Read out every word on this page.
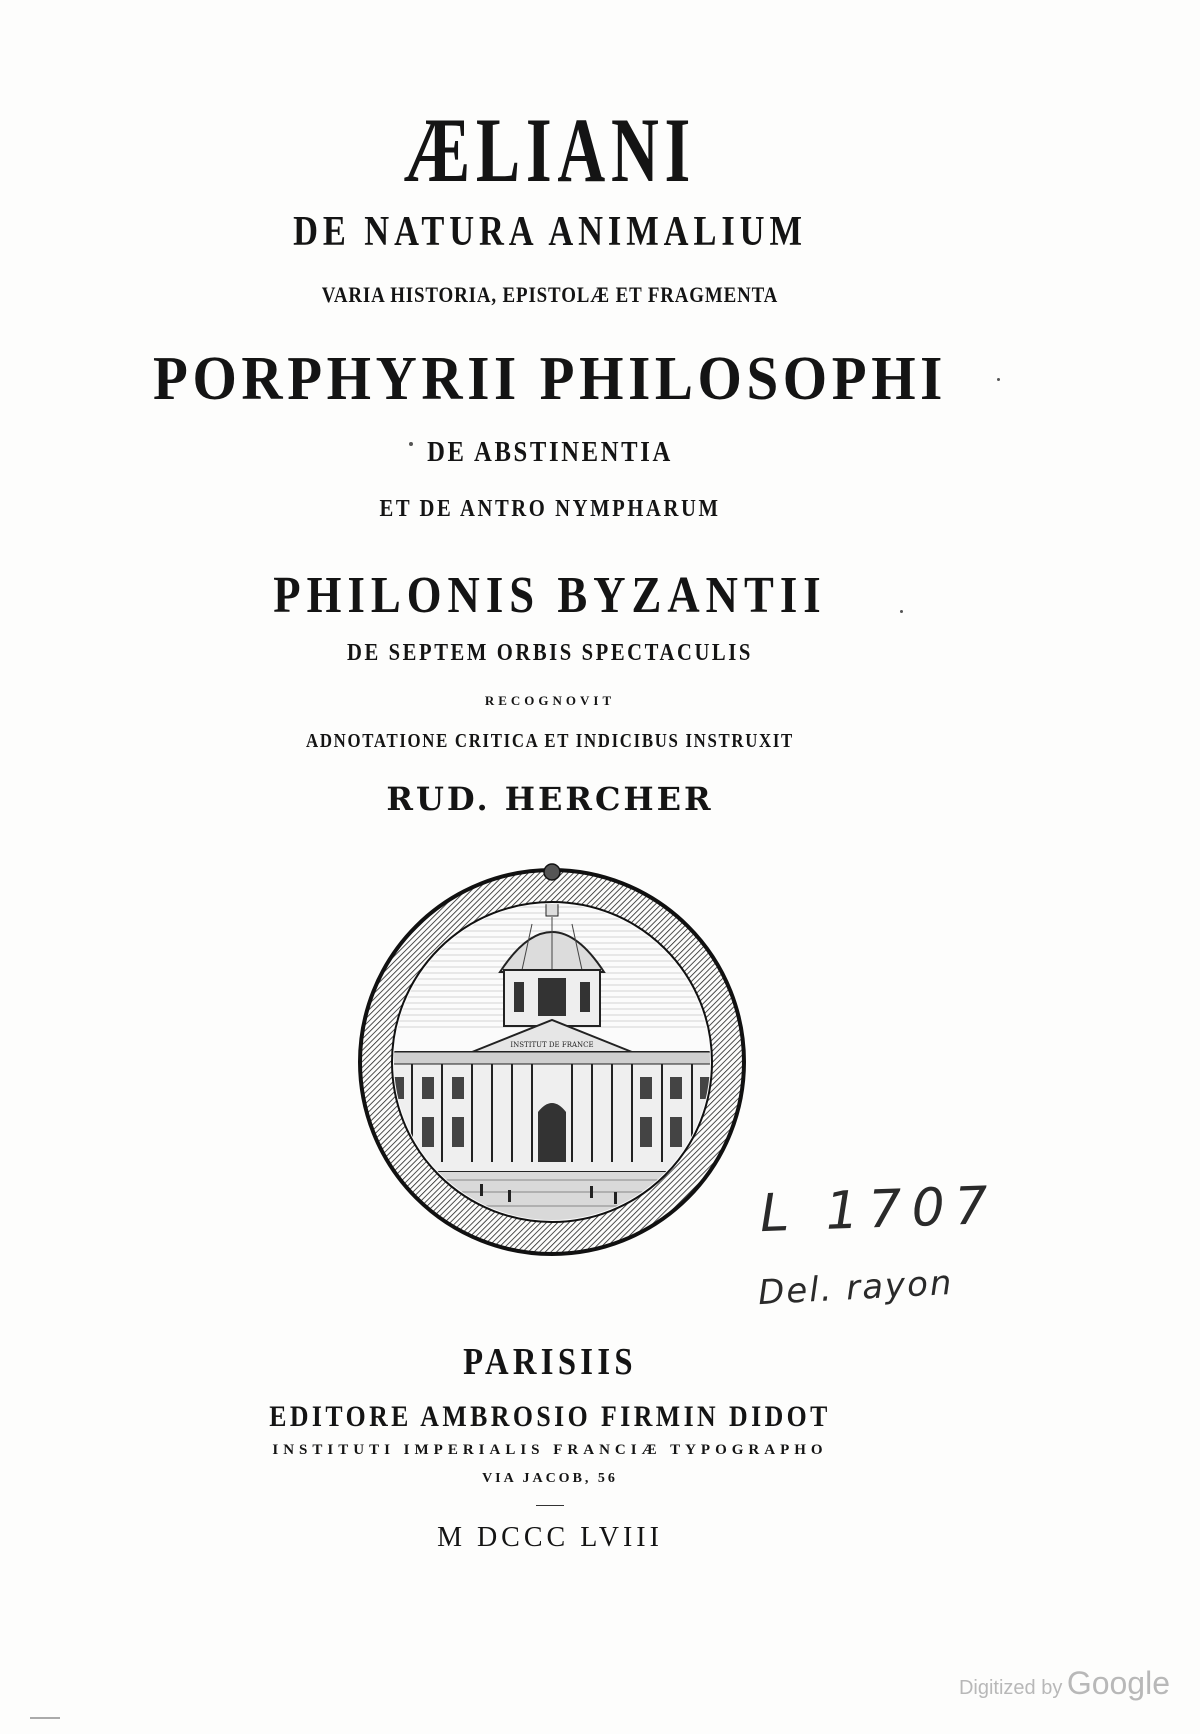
ÆLIANI
DE NATURA ANIMALIUM
VARIA HISTORIA, EPISTOLÆ ET FRAGMENTA
PORPHYRII PHILOSOPHI
DE ABSTINENTIA
ET DE ANTRO NYMPHARUM
PHILONIS BYZANTII
DE SEPTEM ORBIS SPECTACULIS
RECOGNOVIT
ADNOTATIONE CRITICA ET INDICIBUS INSTRUXIT
RUD. HERCHER
INSTITUT DE FRANCE
L 1707
Del. rayon
PARISIIS
EDITORE AMBROSIO FIRMIN DIDOT
INSTITUTI IMPERIALIS FRANCIÆ TYPOGRAPHO
VIA JACOB, 56
M DCCC LVIII
Digitized by Google
